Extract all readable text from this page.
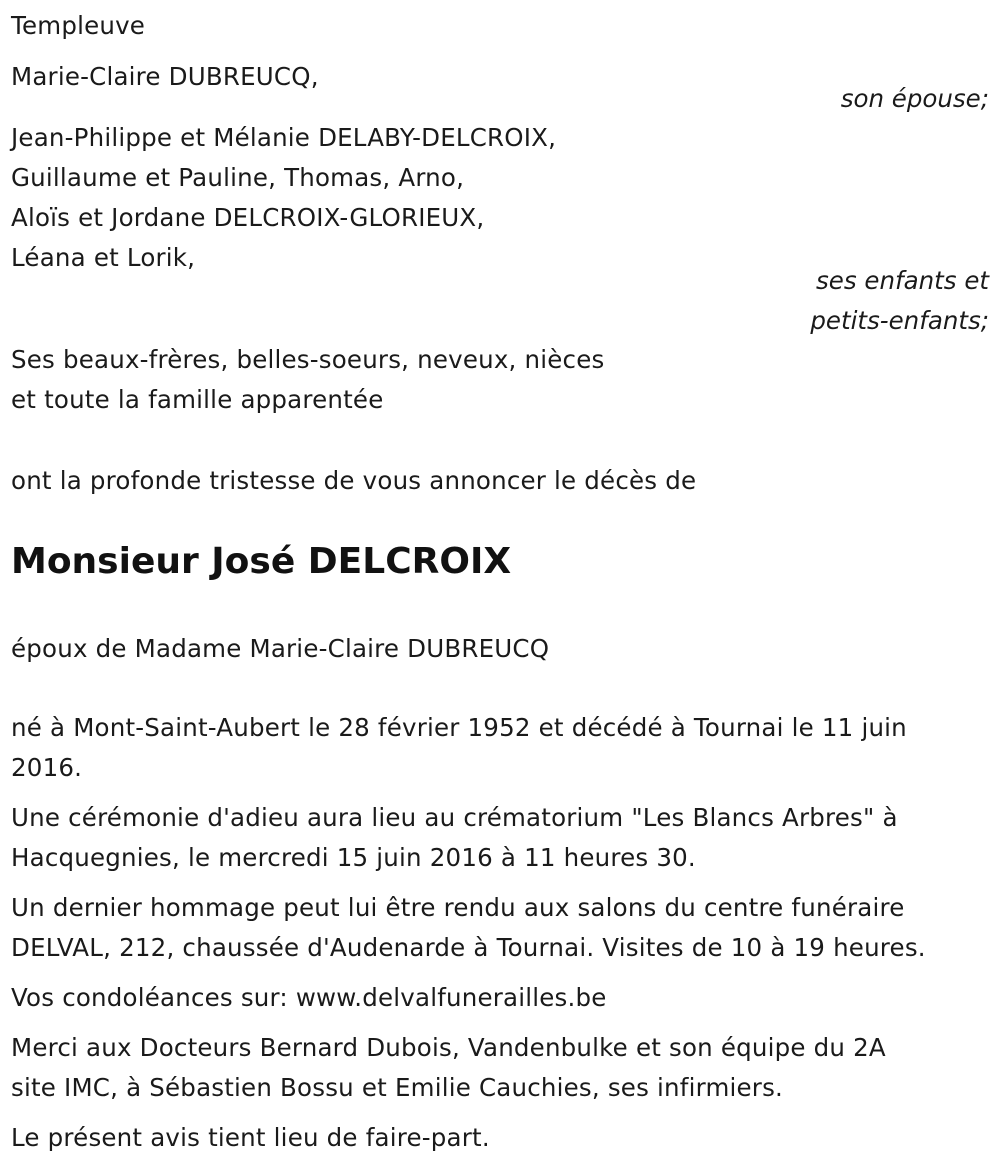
Templeuve
Marie-Claire DUBREUCQ,
son épouse;
Jean-Philippe et Mélanie DELABY-DELCROIX,
Guillaume et Pauline, Thomas, Arno,
Aloïs et Jordane DELCROIX-GLORIEUX,
Léana et Lorik,
ses enfants et
petits-enfants;
Ses beaux-frères, belles-soeurs, neveux, nièces
et toute la famille apparentée
ont la profonde tristesse de vous annoncer le décès de
Monsieur José DELCROIX
époux de Madame Marie-Claire DUBREUCQ
né à Mont-Saint-Aubert le 28 février 1952 et décédé à Tournai le 11 juin
2016.
Une cérémonie d'adieu aura lieu au crématorium "Les Blancs Arbres" à
Hacquegnies, le mercredi 15 juin 2016 à 11 heures 30.
Un dernier hommage peut lui être rendu aux salons du centre funéraire
DELVAL, 212, chaussée d'Audenarde à Tournai. Visites de 10 à 19 heures.
Vos condoléances sur: www.delvalfunerailles.be
Merci aux Docteurs Bernard Dubois, Vandenbulke et son équipe du 2A
site IMC, à Sébastien Bossu et Emilie Cauchies, ses infirmiers.
Le présent avis tient lieu de faire-part.
